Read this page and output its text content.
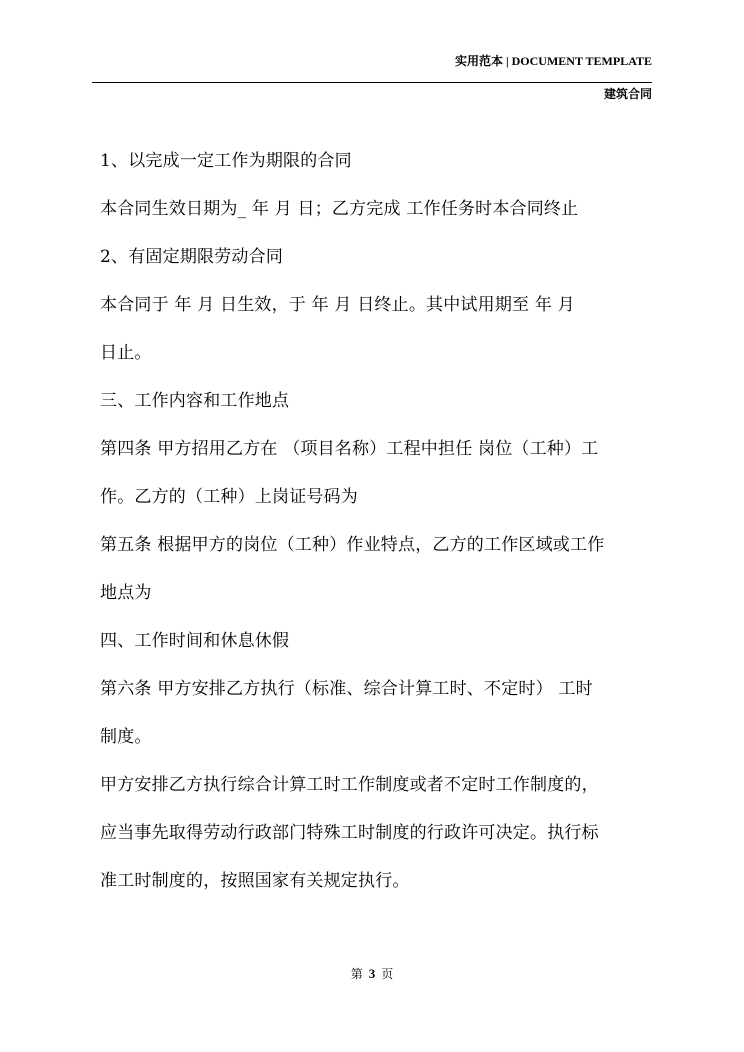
实用范本 | DOCUMENT TEMPLATE
建筑合同

1、以完成一定工作为期限的合同

本合同生效日期为_ 年 月 日；乙方完成 工作任务时本合同终止

2、有固定期限劳动合同

本合同于 年 月 日生效，于 年 月 日终止。其中试用期至 年 月

日止。

三、工作内容和工作地点

第四条 甲方招用乙方在 （项目名称）工程中担任 岗位（工种）工

作。乙方的（工种）上岗证号码为

第五条 根据甲方的岗位（工种）作业特点，乙方的工作区域或工作

地点为

四、工作时间和休息休假

第六条 甲方安排乙方执行（标准、综合计算工时、不定时） 工时

制度。

甲方安排乙方执行综合计算工时工作制度或者不定时工作制度的，

应当事先取得劳动行政部门特殊工时制度的行政许可决定。执行标

准工时制度的，按照国家有关规定执行。

第 3 页
